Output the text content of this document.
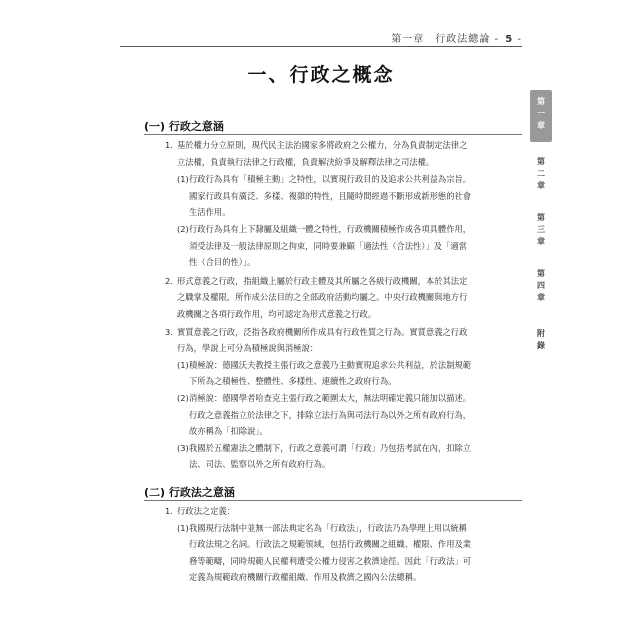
第一章　行政法總論 - 5 -
一、行政之概念
(一) 行政之意涵
1. 基於權力分立原則，現代民主法治國家多將政府之公權力，分為負責制定法律之
立法權，負責執行法律之行政權，負責解決紛爭及解釋法律之司法權。
(1) 行政行為具有「積極主動」之特性，以實現行政目的及追求公共利益為宗旨。
國家行政具有廣泛、多樣、複雜的特性，且隨時間經過不斷形成新形態的社會
生活作用。
(2) 行政行為具有上下隸屬及組織一體之特性，行政機關積極作成各項具體作用，
須受法律及一般法律原則之拘束，同時要兼顧「適法性（合法性）」及「適當
性（合目的性）」。
2. 形式意義之行政，指組織上屬於行政主體及其所屬之各級行政機關，本於其法定
之職掌及權限，所作成公法目的之全部政府活動均屬之。中央行政機關與地方行
政機關之各項行政作用，均可認定為形式意義之行政。
3. 實質意義之行政，泛指各政府機關所作成具有行政性質之行為。實質意義之行政
行為，學說上可分為積極說與消極說：
(1) 積極說：德國沃夫教授主張行政之意義乃主動實現追求公共利益，於法制規範
下所為之積極性、整體性、多樣性、連續性之政府行為。
(2) 消極說：德國學者哈查克主張行政之範圍太大，無法明確定義只能加以描述。
行政之意義指立於法律之下，排除立法行為與司法行為以外之所有政府行為，
故亦稱為「扣除說」。
(3) 我國於五權憲法之體制下，行政之意義可謂「行政」乃包括考試在內，扣除立
法、司法、監察以外之所有政府行為。
(二) 行政法之意涵
1. 行政法之定義：
(1) 我國現行法制中並無一部法典定名為「行政法」，行政法乃為學理上用以統稱
行政法規之名詞。行政法之規範領域，包括行政機關之組織、權限、作用及業
務等範疇，同時規範人民權利遭受公權力侵害之救濟途徑。因此「行政法」可
定義為規範政府機關行政權組織、作用及救濟之國內公法總稱。
第
一
章
第
二
章
第
三
章
第
四
章
附
錄
